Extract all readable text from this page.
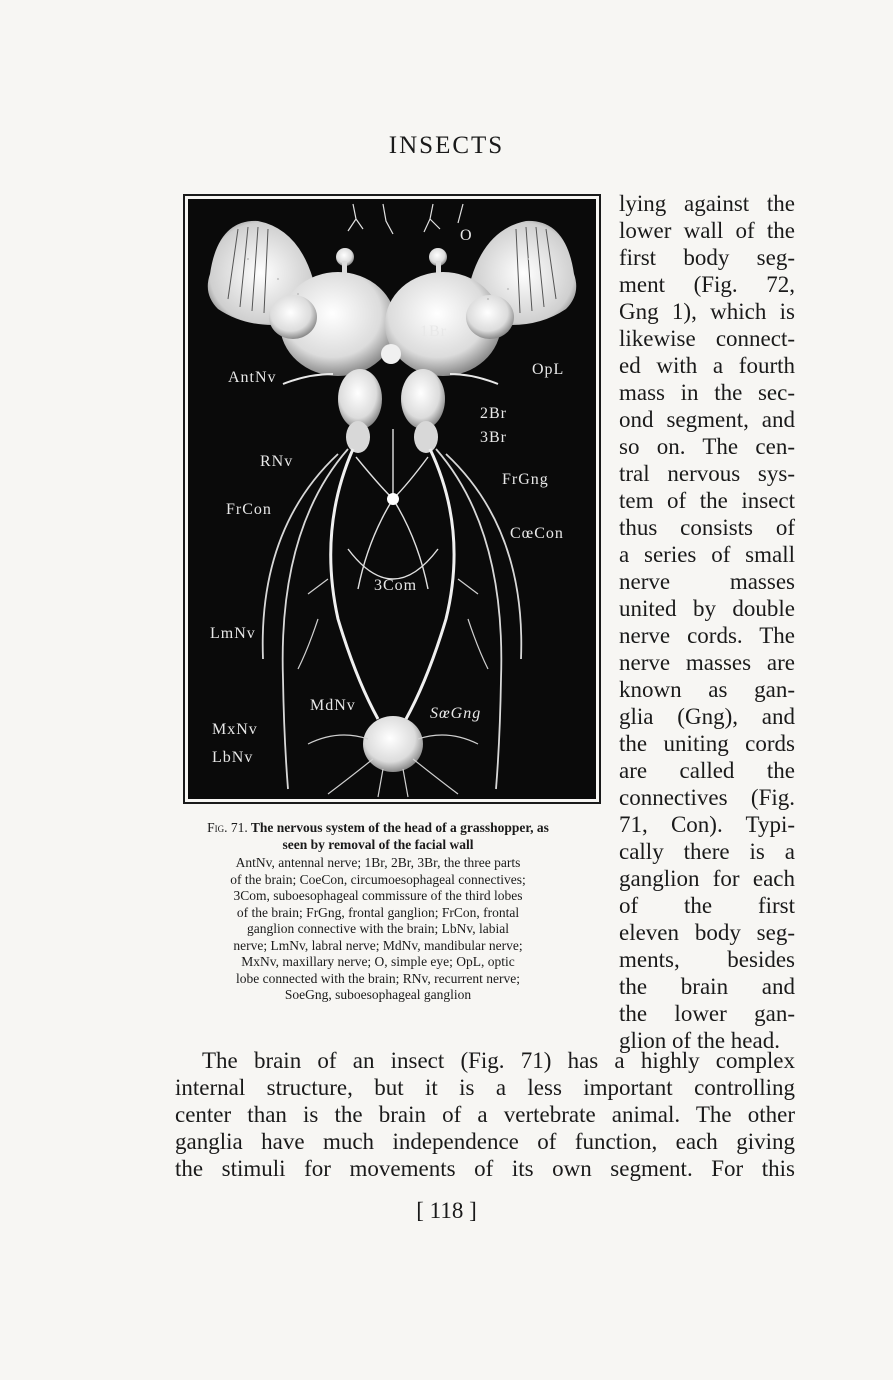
INSECTS
O
1Br
AntNv	OpL
2Br
3Br
RNv
FrGng
FrCon
CœCon
3Com
LmNv
MdNv	SœGng
MxNv
LbNv
Fig. 71. The nervous system of the head of a grasshopper, as seen by removal of the facial wall
AntNv, antennal nerve; 1Br, 2Br, 3Br, the three parts
of the brain; CoeCon, circumoesophageal connectives;
3Com, suboesophageal commissure of the third lobes
of the brain; FrGng, frontal ganglion; FrCon, frontal
ganglion connective with the brain; LbNv, labial
nerve; LmNv, labral nerve; MdNv, mandibular nerve;
MxNv, maxillary nerve; O, simple eye; OpL, optic
lobe connected with the brain; RNv, recurrent nerve;
SoeGng, suboesophageal ganglion
lying against the
lower wall of the
first body seg-
ment (Fig. 72,
Gng 1), which is
likewise connect-
ed with a fourth
mass in the sec-
ond segment, and
so on. The cen-
tral nervous sys-
tem of the insect
thus consists of
a series of small
nerve masses
united by double
nerve cords. The
nerve masses are
known as gan-
glia (Gng), and
the uniting cords
are called the
connectives (Fig.
71, Con). Typi-
cally there is a
ganglion for each
of the first
eleven body seg-
ments, besides
the brain and
the lower gan-
glion of the head.
The brain of an insect (Fig. 71) has a highly complex
internal structure, but it is a less important controlling
center than is the brain of a vertebrate animal. The other
ganglia have much independence of function, each giving
the stimuli for movements of its own segment. For this
[ 118 ]
